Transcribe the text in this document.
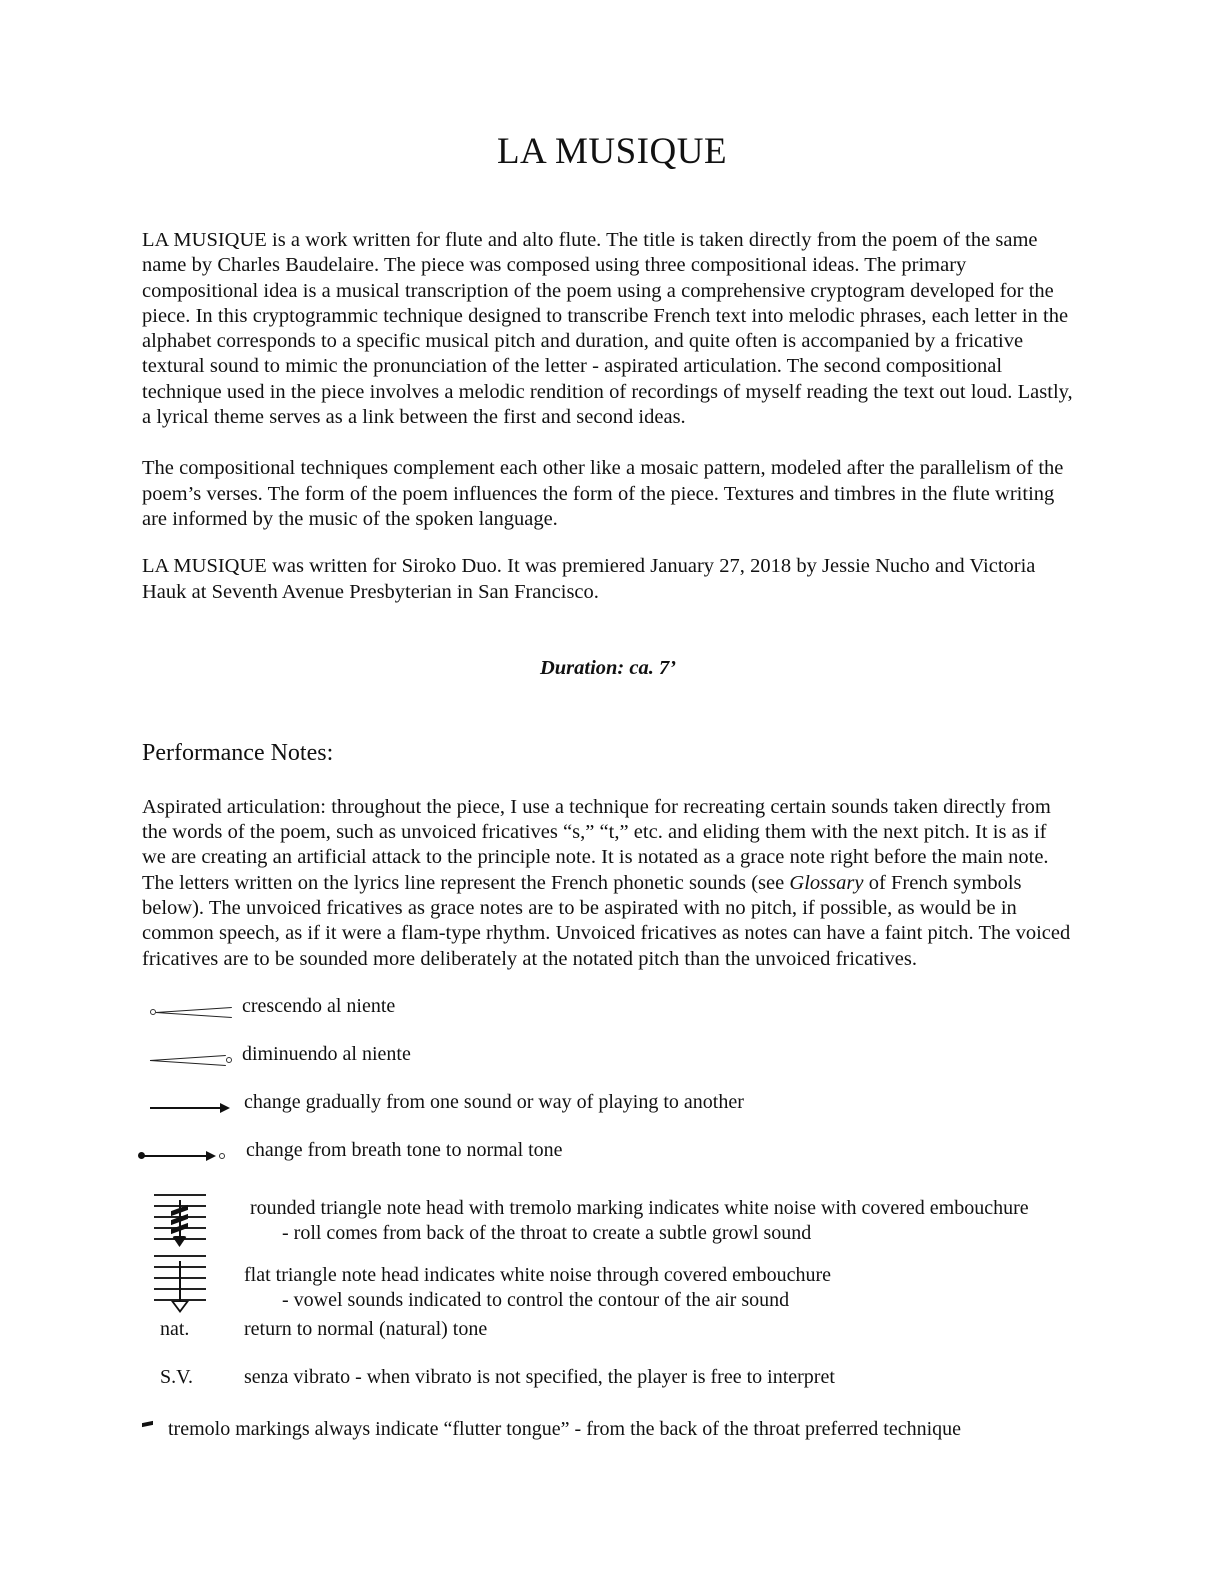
LA MUSIQUE

LA MUSIQUE is a work written for flute and alto flute. The title is taken directly from the poem of the same name by Charles Baudelaire. The piece was composed using three compositional ideas. The primary compositional idea is a musical transcription of the poem using a comprehensive cryptogram developed for the piece. In this cryptogrammic technique designed to transcribe French text into melodic phrases, each letter in the alphabet corresponds to a specific musical pitch and duration, and quite often is accompanied by a fricative textural sound to mimic the pronunciation of the letter - aspirated articulation. The second compositional technique used in the piece involves a melodic rendition of recordings of myself reading the text out loud. Lastly, a lyrical theme serves as a link between the first and second ideas.

The compositional techniques complement each other like a mosaic pattern, modeled after the parallelism of the poem’s verses. The form of the poem influences the form of the piece. Textures and timbres in the flute writing are informed by the music of the spoken language.

LA MUSIQUE was written for Siroko Duo. It was premiered January 27, 2018 by Jessie Nucho and Victoria Hauk at Seventh Avenue Presbyterian in San Francisco.

Duration: ca. 7’

Performance Notes:

Aspirated articulation: throughout the piece, I use a technique for recreating certain sounds taken directly from the words of the poem, such as unvoiced fricatives “s,” “t,” etc. and eliding them with the next pitch. It is as if we are creating an artificial attack to the principle note. It is notated as a grace note right before the main note. The letters written on the lyrics line represent the French phonetic sounds (see Glossary of French symbols below). The unvoiced fricatives as grace notes are to be aspirated with no pitch, if possible, as would be in common speech, as if it were a flam-type rhythm. Unvoiced fricatives as notes can have a faint pitch. The voiced fricatives are to be sounded more deliberately at the notated pitch than the unvoiced fricatives.

crescendo al niente
diminuendo al niente
change gradually from one sound or way of playing to another
change from breath tone to normal tone
rounded triangle note head with tremolo marking indicates white noise with covered embouchure
- roll comes from back of the throat to create a subtle growl sound
flat triangle note head indicates white noise through covered embouchure
- vowel sounds indicated to control the contour of the air sound
nat.	return to normal (natural) tone
S.V.	senza vibrato - when vibrato is not specified, the player is free to interpret
tremolo markings always indicate “flutter tongue” - from the back of the throat preferred technique
